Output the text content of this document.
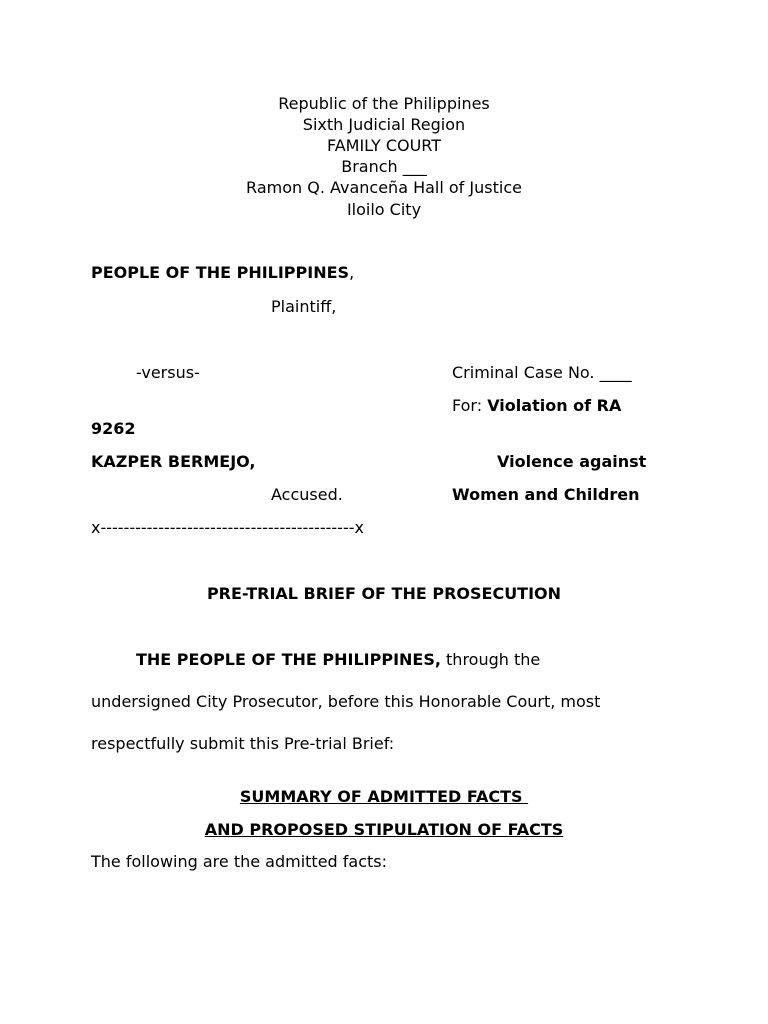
Republic of the Philippines
Sixth Judicial Region
FAMILY COURT
Branch ___
Ramon Q. Avanceña Hall of Justice
Iloilo City
PEOPLE OF THE PHILIPPINES,
Plaintiff,
-versus-	Criminal Case No. ____
For: Violation of RA
9262
KAZPER BERMEJO,	Violence against
Accused.	Women and Children
x--------------------------------------------x
PRE-TRIAL BRIEF OF THE PROSECUTION
THE PEOPLE OF THE PHILIPPINES, through the
undersigned City Prosecutor, before this Honorable Court, most
respectfully submit this Pre-trial Brief:
SUMMARY OF ADMITTED FACTS
AND PROPOSED STIPULATION OF FACTS
The following are the admitted facts:
